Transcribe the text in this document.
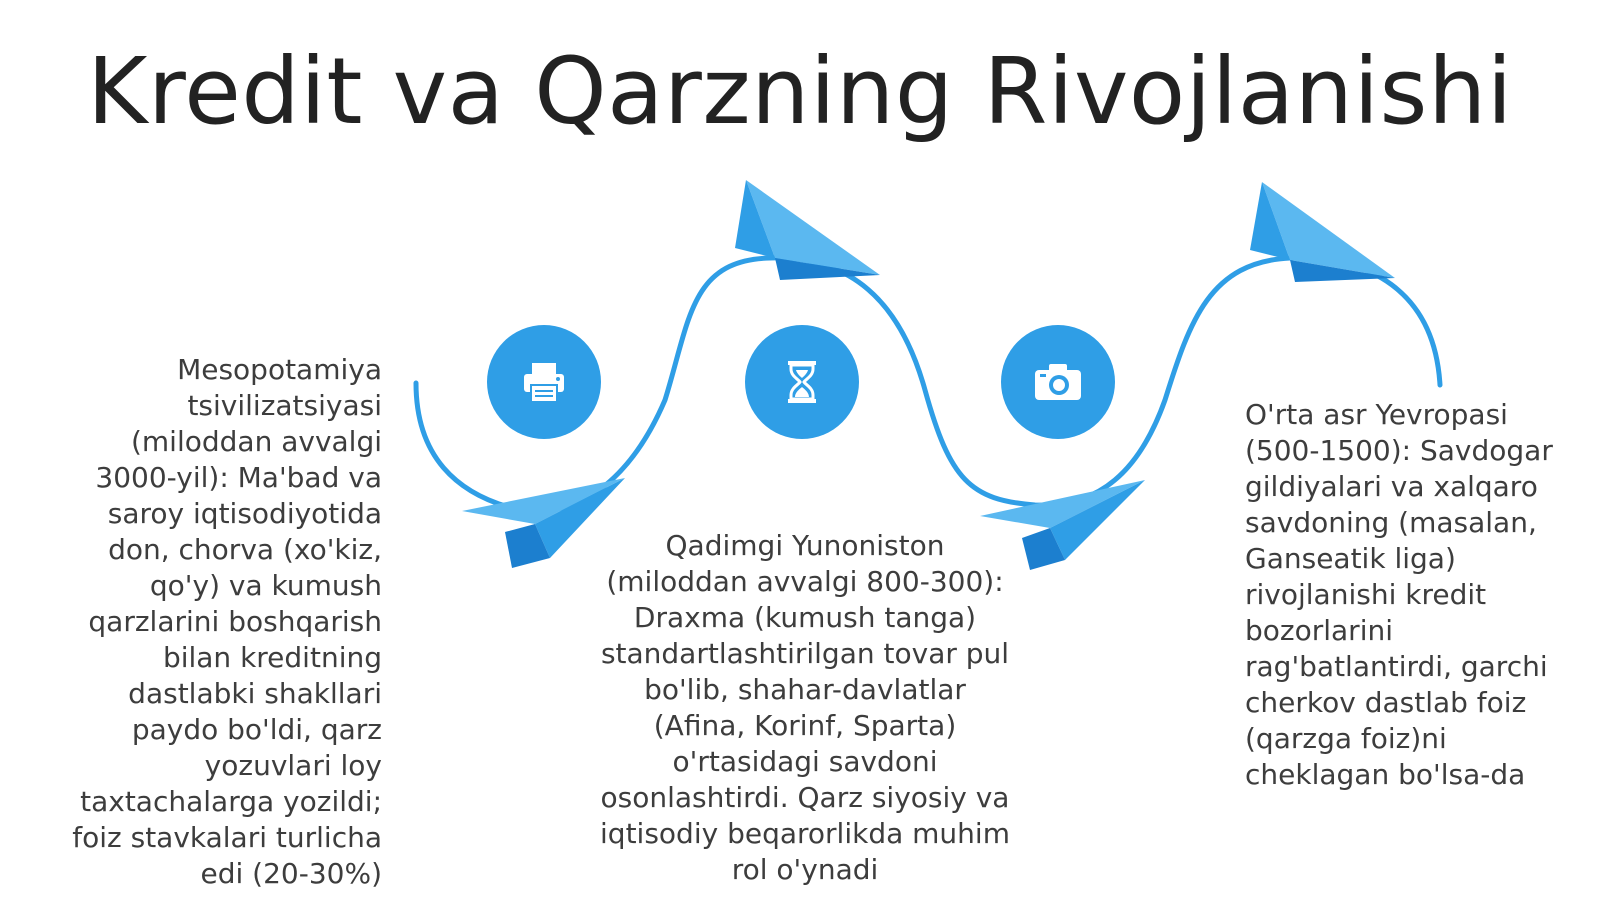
Kredit va Qarzning Rivojlanishi

Mesopotamiya tsivilizatsiyasi (miloddan avvalgi 3000-yil): Ma'bad va saroy iqtisodiyotida don, chorva (xo'kiz, qo'y) va kumush qarzlarini boshqarish bilan kreditning dastlabki shakllari paydo bo'ldi, qarz yozuvlari loy taxtachalarga yozildi; foiz stavkalari turlicha edi (20-30%)

Qadimgi Yunoniston (miloddan avvalgi 800-300): Draxma (kumush tanga) standartlashtirilgan tovar pul bo'lib, shahar-davlatlar (Afina, Korinf, Sparta) o'rtasidagi savdoni osonlashtirdi. Qarz siyosiy va iqtisodiy beqarorlikda muhim rol o'ynadi

O'rta asr Yevropasi (500-1500): Savdogar gildiyalari va xalqaro savdoning (masalan, Ganseatik liga) rivojlanishi kredit bozorlarini rag'batlantirdi, garchi cherkov dastlab foiz (qarzga foiz)ni cheklagan bo'lsa-da
